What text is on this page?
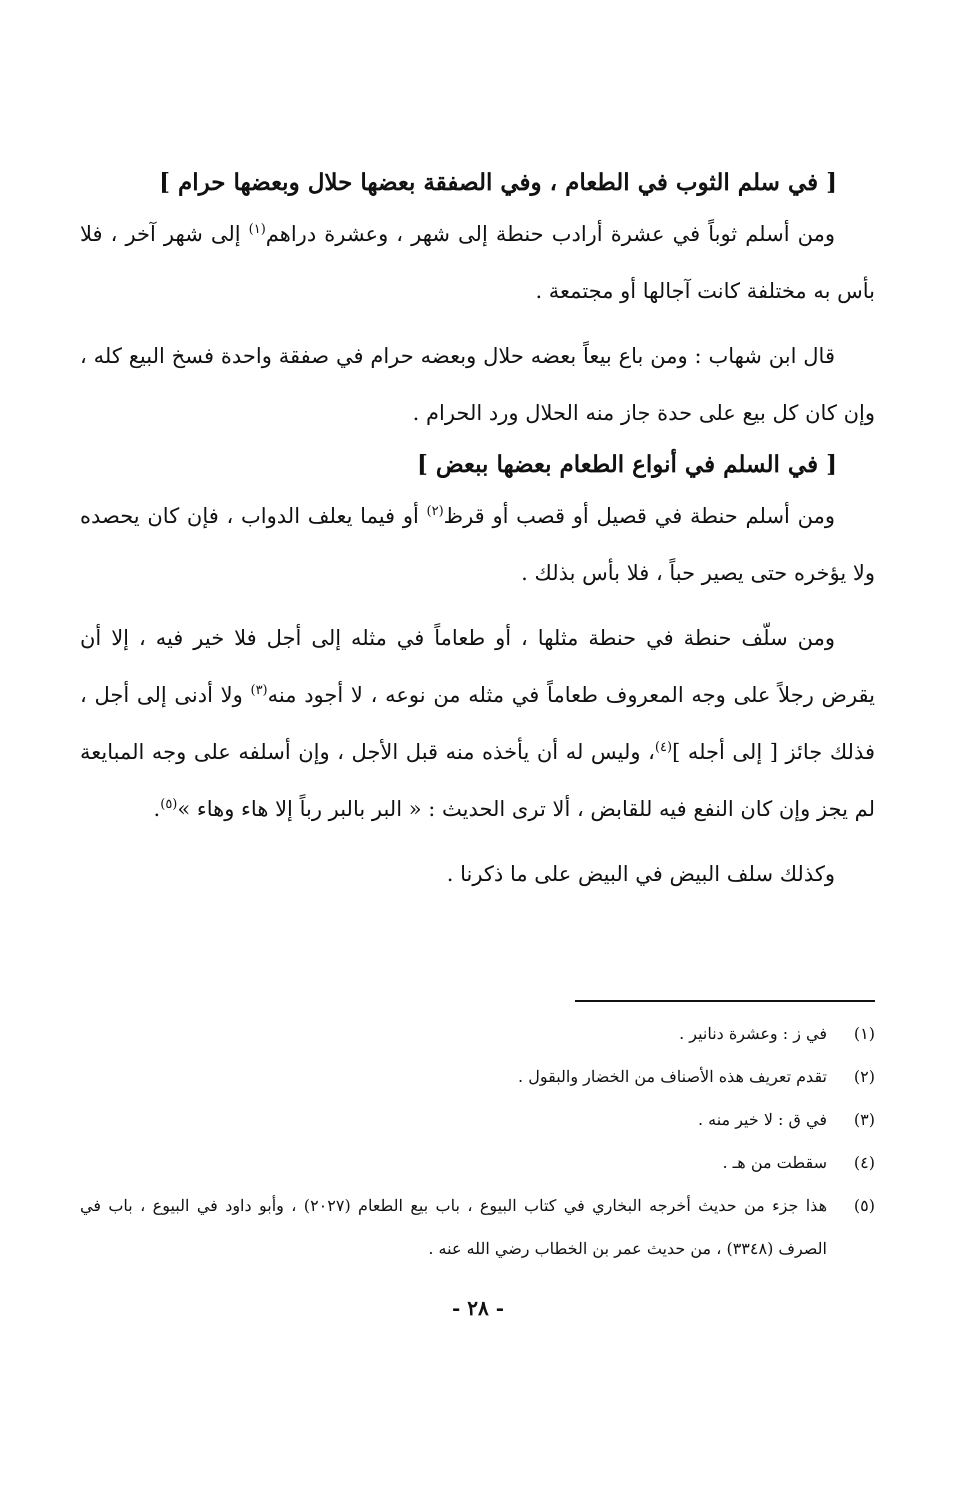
[ في سلم الثوب في الطعام ، وفي الصفقة بعضها حلال وبعضها حرام ]

ومن أسلم ثوباً في عشرة أرادب حنطة إلى شهر ، وعشرة دراهم$^{(١)}$ إلى شهر آخر ، فلا بأس به مختلفة كانت آجالها أو مجتمعة .

قال ابن شهاب : ومن باع بيعاً بعضه حلال وبعضه حرام في صفقة واحدة فسخ البيع كله ، وإن كان كل بيع على حدة جاز منه الحلال ورد الحرام .

[ في السلم في أنواع الطعام بعضها ببعض ]

ومن أسلم حنطة في قصيل أو قصب أو قرظ$^{(٢)}$ أو فيما يعلف الدواب ، فإن كان يحصده ولا يؤخره حتى يصير حباً ، فلا بأس بذلك .

ومن سلّف حنطة في حنطة مثلها ، أو طعاماً في مثله إلى أجل فلا خير فيه ، إلا أن يقرض رجلاً على وجه المعروف طعاماً في مثله من نوعه ، لا أجود منه$^{(٣)}$ ولا أدنى إلى أجل ، فذلك جائز [ إلى أجله ]$^{(٤)}$، وليس له أن يأخذه منه قبل الأجل ، وإن أسلفه على وجه المبايعة لم يجز وإن كان النفع فيه للقابض ، ألا ترى الحديث : « البر بالبر رباً إلا هاء وهاء »$^{(٥)}$.

وكذلك سلف البيض في البيض على ما ذكرنا .

(١)
في ز : وعشرة دنانير .

(٢)
تقدم تعريف هذه الأصناف من الخضار والبقول .

(٣)
في ق : لا خير منه .

(٤)
سقطت من هـ .

(٥)
هذا جزء من حديث أخرجه البخاري في كتاب البيوع ، باب بيع الطعام (٢٠٢٧) ، وأبو داود في البيوع ، باب في الصرف (٣٣٤٨) ، من حديث عمر بن الخطاب رضي الله عنه .

- ٢٨ -
